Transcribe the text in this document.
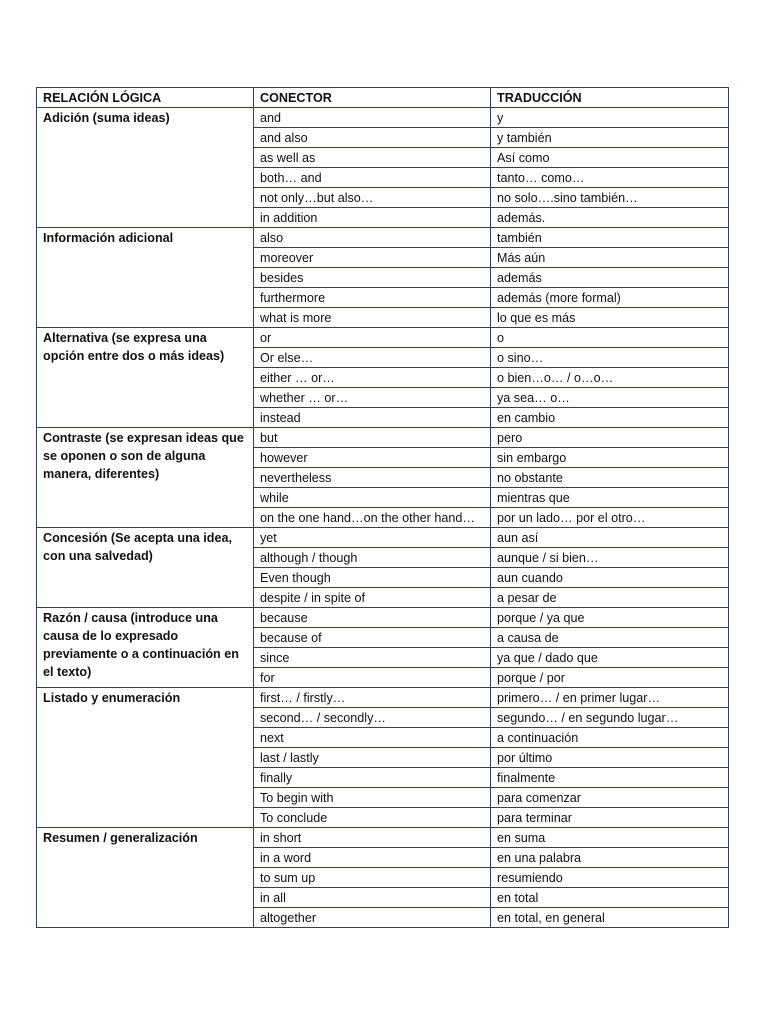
RELACIÓN LÓGICA	CONECTOR	TRADUCCIÓN
Adición (suma ideas)	and	y
	and also	y también
	as well as	Así como
	both… and	tanto… como…
	not only…but also…	no solo….sino también…
	in addition	además.
Información adicional	also	también
	moreover	Más aún
	besides	además
	furthermore	además (more formal)
	what is more	lo que es más
Alternativa (se expresa una opción entre dos o más ideas)	or	o
	Or else…	o sino…
	either … or…	o bien…o… / o…o…
	whether … or…	ya sea… o…
	instead	en cambio
Contraste (se expresan ideas que se oponen o son de alguna manera, diferentes)	but	pero
	however	sin embargo
	nevertheless	no obstante
	while	mientras que
	on the one hand…on the other hand…	por un lado… por el otro…
Concesión (Se acepta una idea, con una salvedad)	yet	aun así
	although / though	aunque / si bien…
	Even though	aun cuando
	despite / in spite of	a pesar de
Razón / causa (introduce una causa de lo expresado previamente o a continuación en el texto)	because	porque / ya que
	because of	a causa de
	since	ya que / dado que
	for	porque / por
Listado y enumeración	first… / firstly…	primero… / en primer lugar…
	second… / secondly…	segundo… / en segundo lugar…
	next	a continuación
	last / lastly	por último
	finally	finalmente
	To begin with	para comenzar
	To conclude	para terminar
Resumen / generalización	in short	en suma
	in a word	en una palabra
	to sum up	resumiendo
	in all	en total
	altogether	en total, en general
